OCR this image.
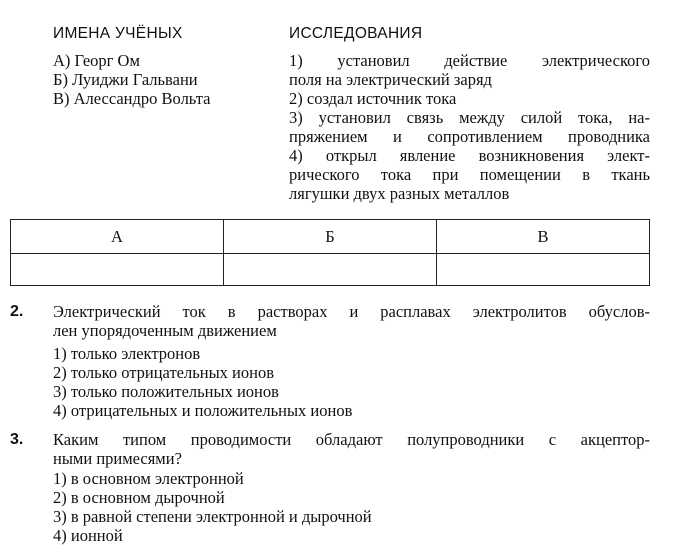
ИМЕНА УЧЁНЫХ	ИССЛЕДОВАНИЯ
А) Георг Ом
Б) Луиджи Гальвани
В) Алессандро Вольта
1) установил действие электрического
поля на электрический заряд
2) создал источник тока
3) установил связь между силой тока, на-
пряжением и сопротивлением проводника
4) открыл явление возникновения элект-
рического тока при помещении в ткань
лягушки двух разных металлов
А	Б	В

2. Электрический ток в растворах и расплавах электролитов обуслов-
лен упорядоченным движением
1) только электронов
2) только отрицательных ионов
3) только положительных ионов
4) отрицательных и положительных ионов
3. Каким типом проводимости обладают полупроводники с акцептор-
ными примесями?
1) в основном электронной
2) в основном дырочной
3) в равной степени электронной и дырочной
4) ионной
